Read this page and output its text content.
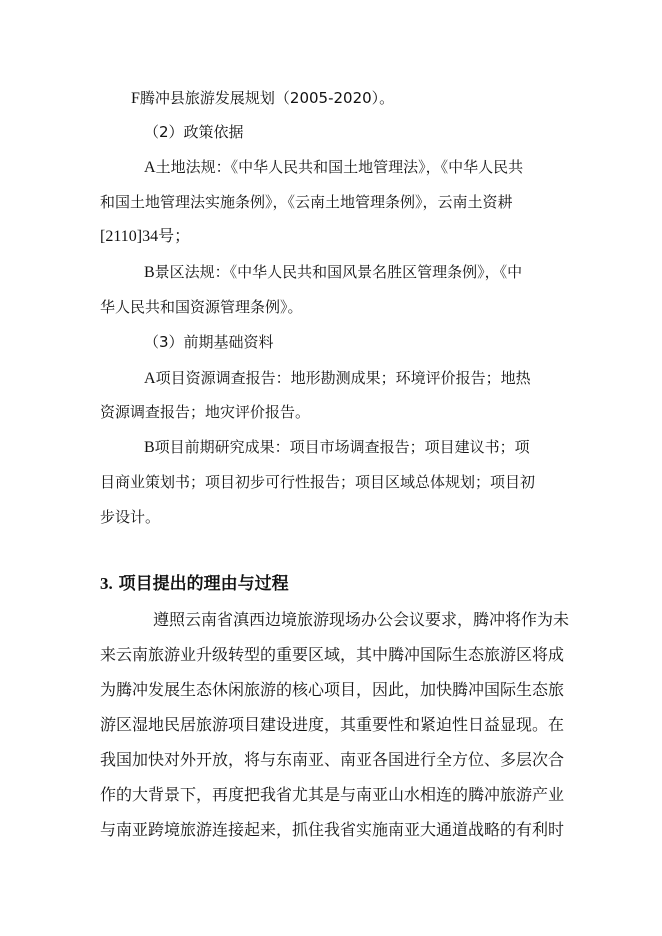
F腾冲县旅游发展规划（2005-2020）。
（2）政策依据
A土地法规：《中华人民共和国土地管理法》，《中华人民共
和国土地管理法实施条例》，《云南土地管理条例》，云南土资耕
[2110]34号；
B景区法规：《中华人民共和国风景名胜区管理条例》，《中
华人民共和国资源管理条例》。
（3）前期基础资料
A项目资源调查报告：地形勘测成果；环境评价报告；地热
资源调查报告；地灾评价报告。
B项目前期研究成果：项目市场调查报告；项目建议书；项
目商业策划书；项目初步可行性报告；项目区域总体规划；项目初
步设计。
3. 项目提出的理由与过程
遵照云南省滇西边境旅游现场办公会议要求，腾冲将作为未
来云南旅游业升级转型的重要区域，其中腾冲国际生态旅游区将成
为腾冲发展生态休闲旅游的核心项目，因此，加快腾冲国际生态旅
游区湿地民居旅游项目建设进度，其重要性和紧迫性日益显现。在
我国加快对外开放，将与东南亚、南亚各国进行全方位、多层次合
作的大背景下，再度把我省尤其是与南亚山水相连的腾冲旅游产业
与南亚跨境旅游连接起来，抓住我省实施南亚大通道战略的有利时
